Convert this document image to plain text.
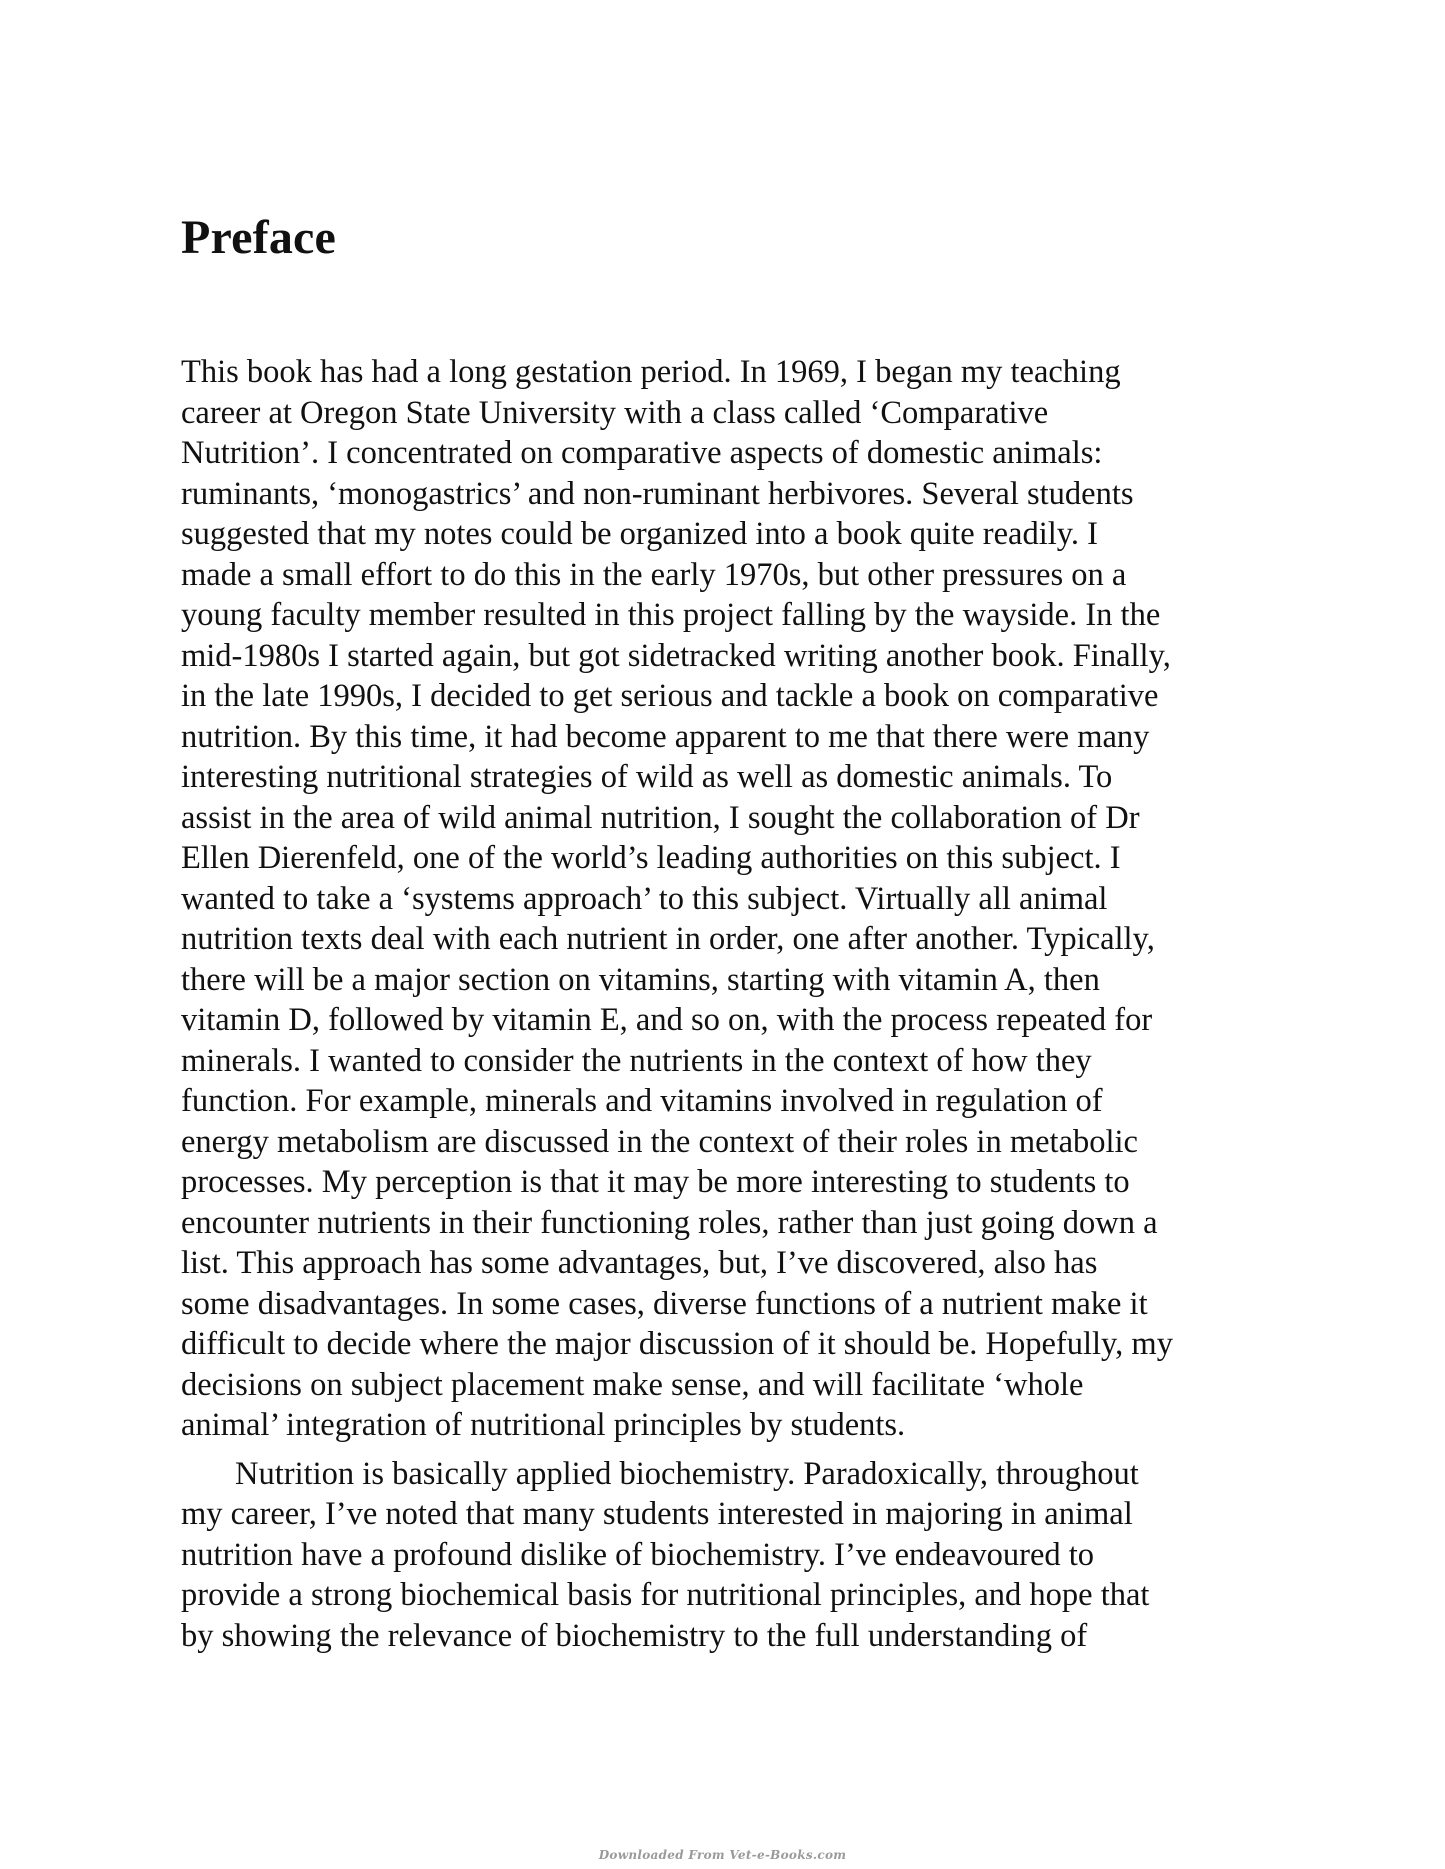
Preface

This book has had a long gestation period. In 1969, I began my teaching
career at Oregon State University with a class called ‘Comparative
Nutrition’. I concentrated on comparative aspects of domestic animals:
ruminants, ‘monogastrics’ and non-ruminant herbivores. Several students
suggested that my notes could be organized into a book quite readily. I
made a small effort to do this in the early 1970s, but other pressures on a
young faculty member resulted in this project falling by the wayside. In the
mid-1980s I started again, but got sidetracked writing another book. Finally,
in the late 1990s, I decided to get serious and tackle a book on comparative
nutrition. By this time, it had become apparent to me that there were many
interesting nutritional strategies of wild as well as domestic animals. To
assist in the area of wild animal nutrition, I sought the collaboration of Dr
Ellen Dierenfeld, one of the world’s leading authorities on this subject. I
wanted to take a ‘systems approach’ to this subject. Virtually all animal
nutrition texts deal with each nutrient in order, one after another. Typically,
there will be a major section on vitamins, starting with vitamin A, then
vitamin D, followed by vitamin E, and so on, with the process repeated for
minerals. I wanted to consider the nutrients in the context of how they
function. For example, minerals and vitamins involved in regulation of
energy metabolism are discussed in the context of their roles in metabolic
processes. My perception is that it may be more interesting to students to
encounter nutrients in their functioning roles, rather than just going down a
list. This approach has some advantages, but, I’ve discovered, also has
some disadvantages. In some cases, diverse functions of a nutrient make it
difficult to decide where the major discussion of it should be. Hopefully, my
decisions on subject placement make sense, and will facilitate ‘whole
animal’ integration of nutritional principles by students.

Nutrition is basically applied biochemistry. Paradoxically, throughout
my career, I’ve noted that many students interested in majoring in animal
nutrition have a profound dislike of biochemistry. I’ve endeavoured to
provide a strong biochemical basis for nutritional principles, and hope that
by showing the relevance of biochemistry to the full understanding of

Downloaded From Vet-e-Books.com
